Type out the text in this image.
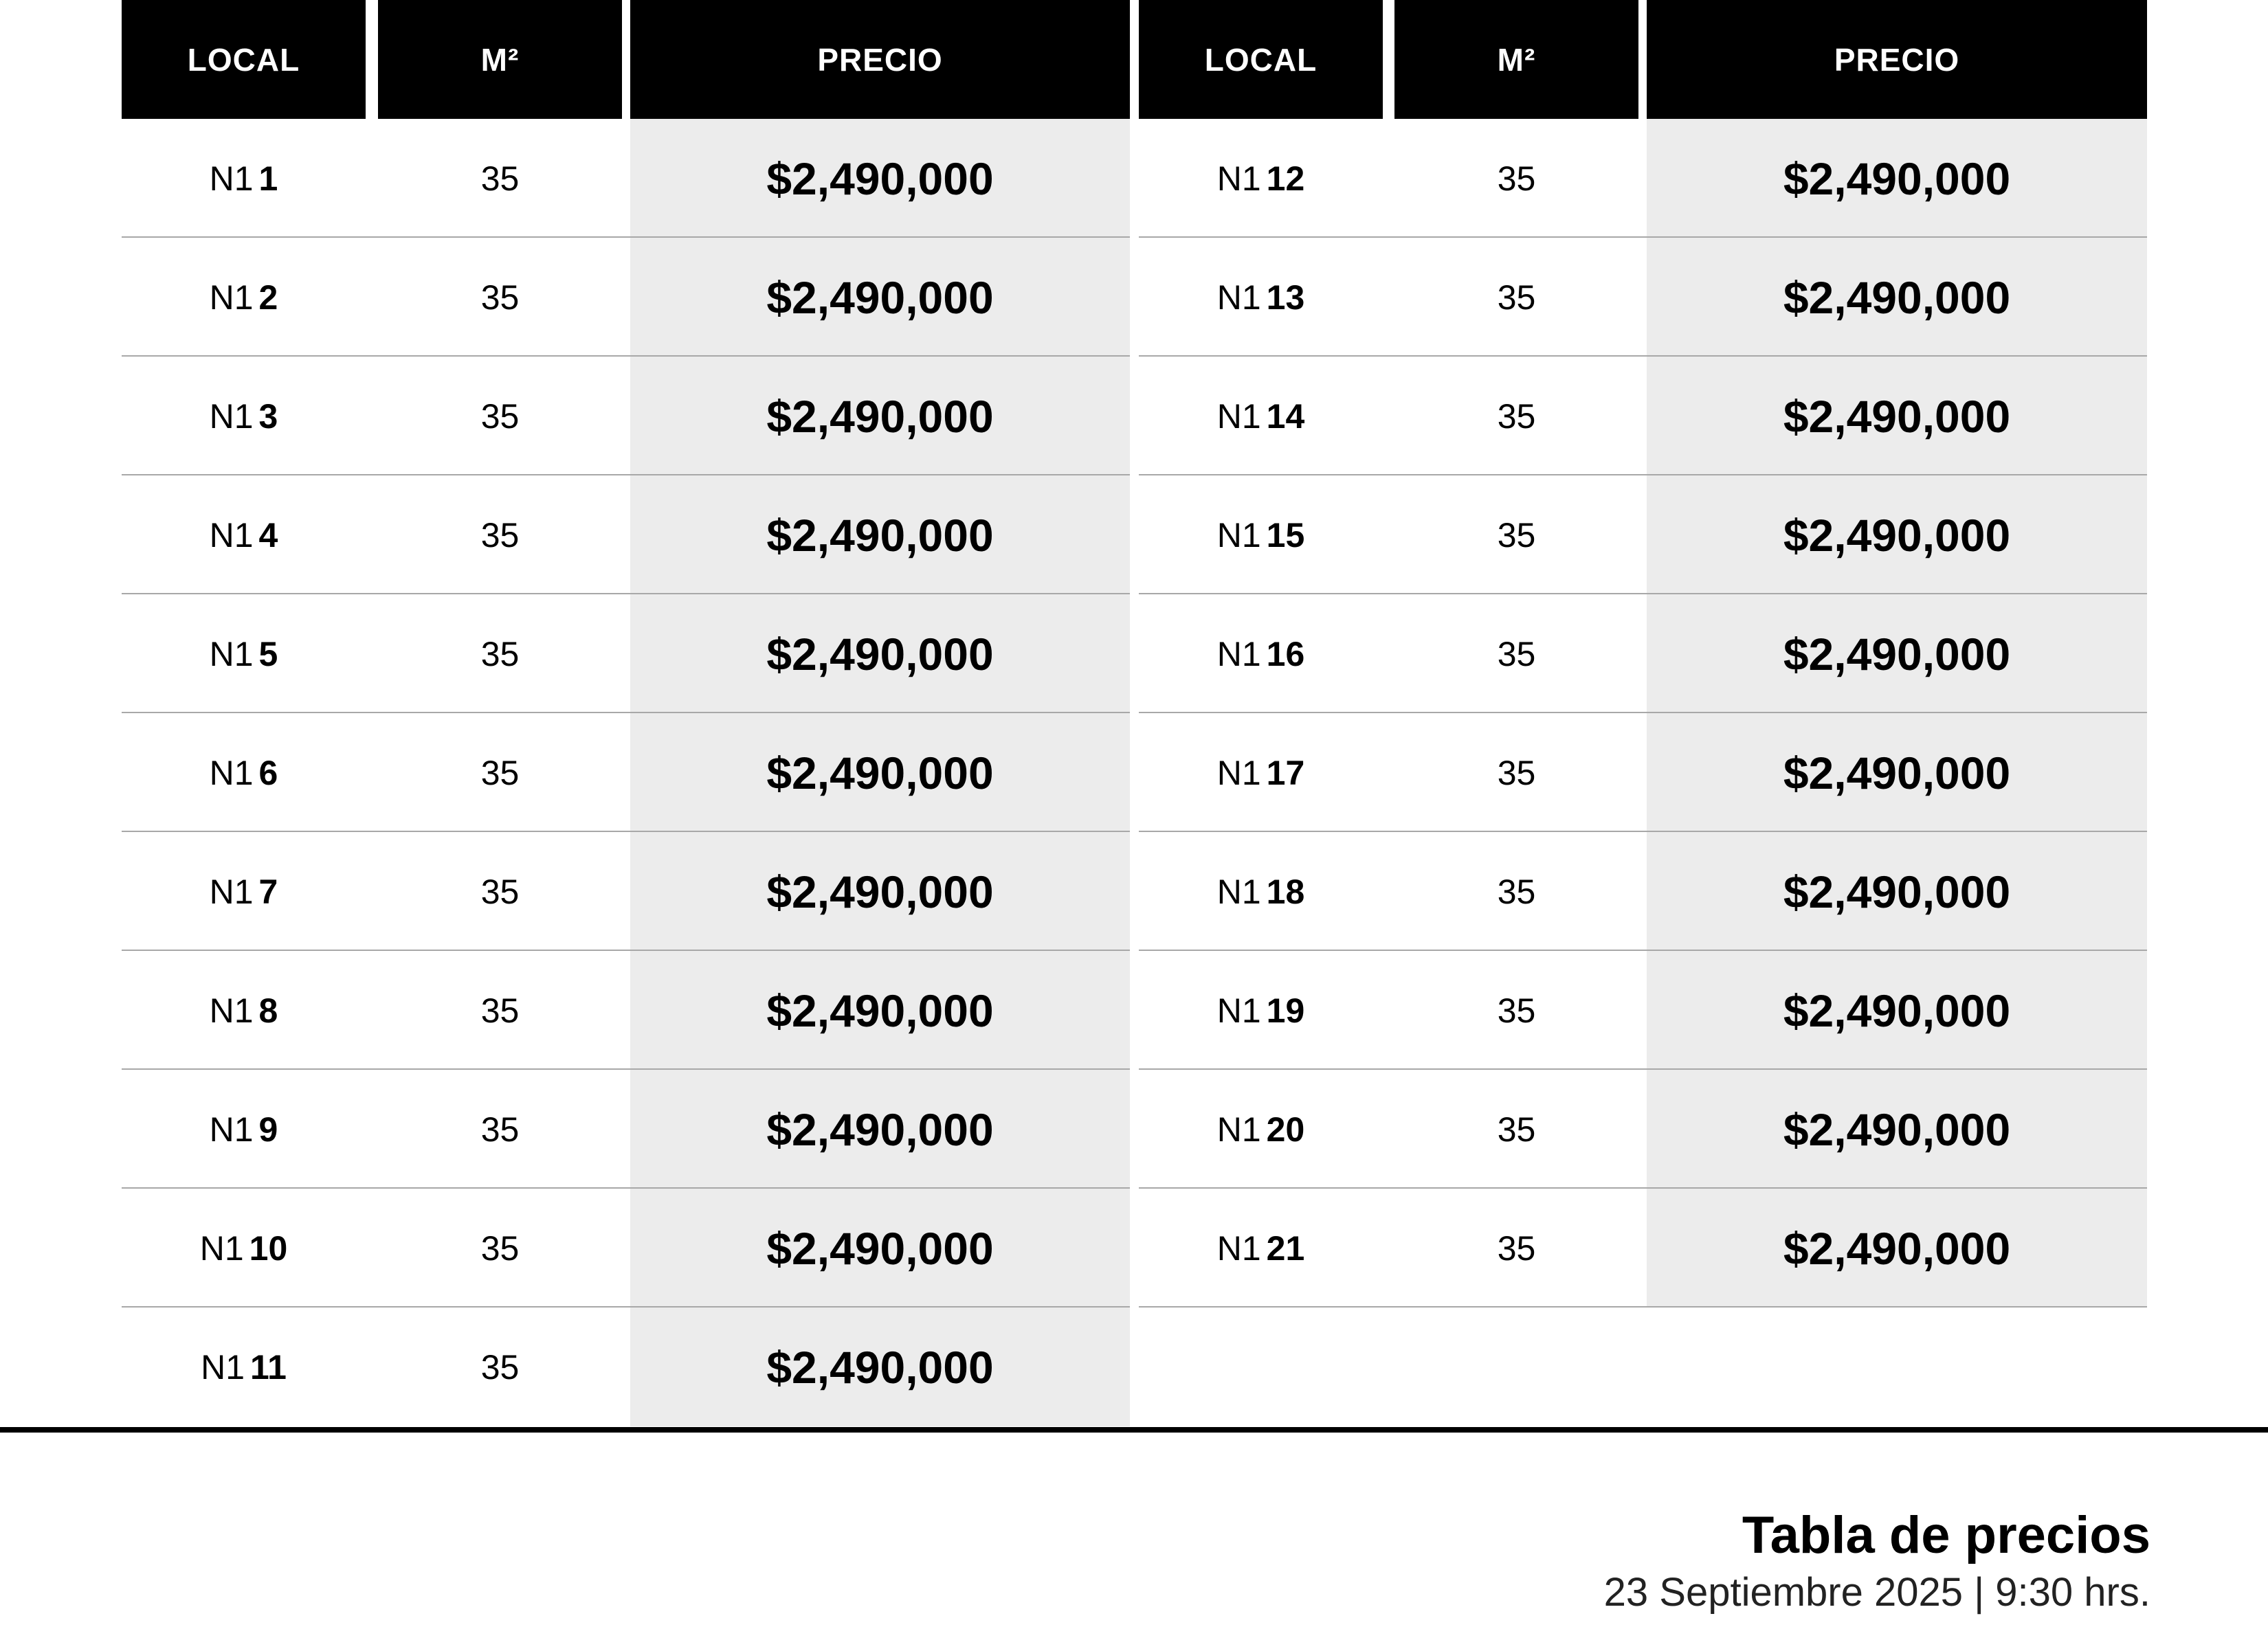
LOCAL	M²	PRECIO	LOCAL	M²	PRECIO
N1 1	35	$2,490,000	N1 12	35	$2,490,000
N1 2	35	$2,490,000	N1 13	35	$2,490,000
N1 3	35	$2,490,000	N1 14	35	$2,490,000
N1 4	35	$2,490,000	N1 15	35	$2,490,000
N1 5	35	$2,490,000	N1 16	35	$2,490,000
N1 6	35	$2,490,000	N1 17	35	$2,490,000
N1 7	35	$2,490,000	N1 18	35	$2,490,000
N1 8	35	$2,490,000	N1 19	35	$2,490,000
N1 9	35	$2,490,000	N1 20	35	$2,490,000
N1 10	35	$2,490,000	N1 21	35	$2,490,000
N1 11	35	$2,490,000
Tabla de precios
23 Septiembre 2025 | 9:30 hrs.
